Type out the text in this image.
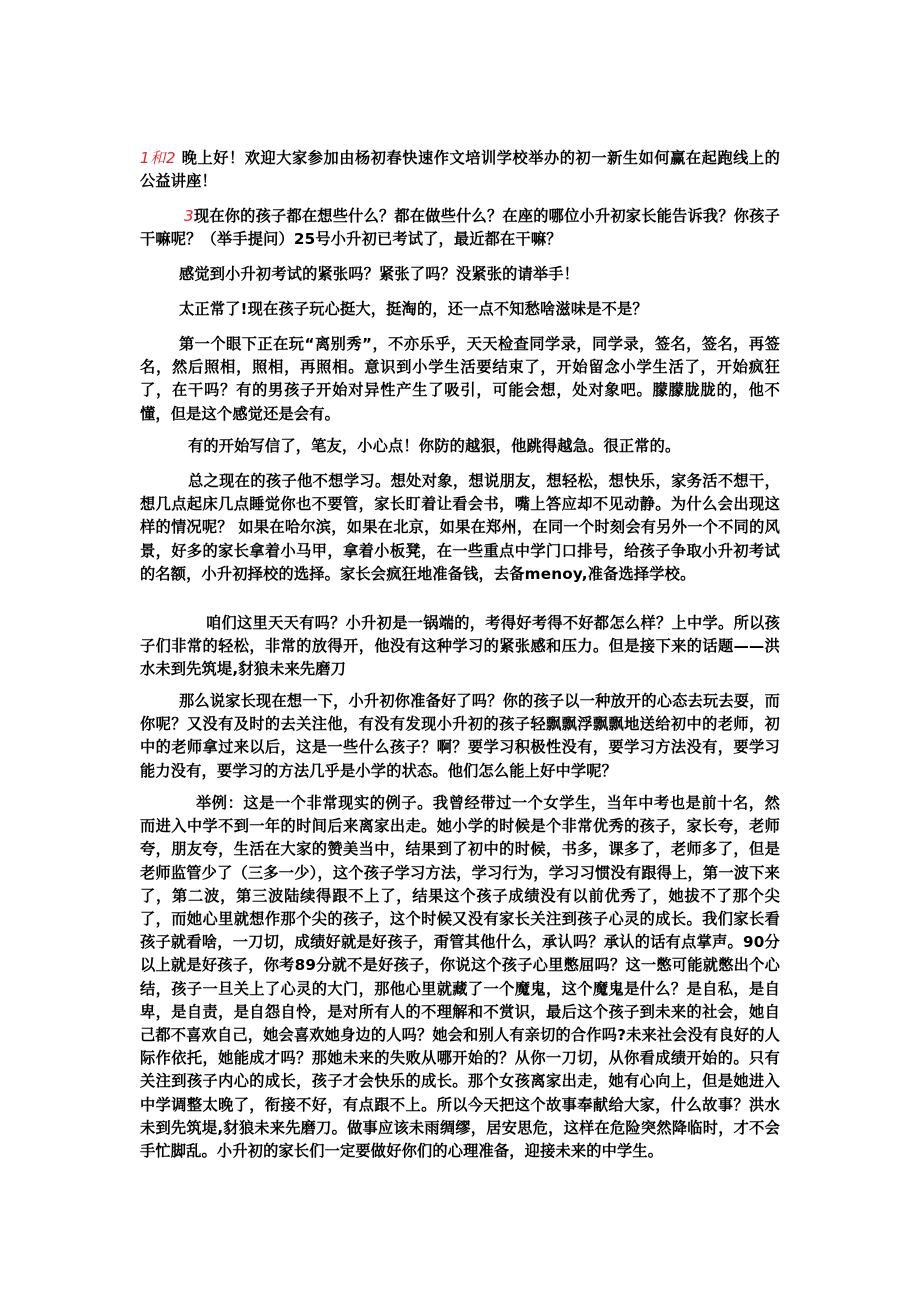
1和2 晚上好！欢迎大家参加由杨初春快速作文培训学校举办的初一新生如何赢在起跑线上的公益讲座！

3现在你的孩子都在想些什么？都在做些什么？在座的哪位小升初家长能告诉我？你孩子干嘛呢？（举手提问）25号小升初已考试了，最近都在干嘛？

感觉到小升初考试的紧张吗？紧张了吗？没紧张的请举手！

太正常了!现在孩子玩心挺大，挺淘的，还一点不知愁啥滋味是不是？

第一个眼下正在玩“离别秀”，不亦乐乎，天天检查同学录，同学录，签名，签名，再签名，然后照相，照相，再照相。意识到小学生活要结束了，开始留念小学生活了，开始疯狂了，在干吗？有的男孩子开始对异性产生了吸引，可能会想，处对象吧。朦朦胧胧的，他不懂，但是这个感觉还是会有。

有的开始写信了，笔友，小心点！你防的越狠，他跳得越急。很正常的。

总之现在的孩子他不想学习。想处对象，想说朋友，想轻松，想快乐，家务活不想干，想几点起床几点睡觉你也不要管，家长盯着让看会书，嘴上答应却不见动静。为什么会出现这样的情况呢？ 如果在哈尔滨，如果在北京，如果在郑州，在同一个时刻会有另外一个不同的风景，好多的家长拿着小马甲，拿着小板凳，在一些重点中学门口排号，给孩子争取小升初考试的名额，小升初择校的选择。家长会疯狂地准备钱，去备menoy,准备选择学校。

咱们这里天天有吗？小升初是一锅端的，考得好考得不好都怎么样？上中学。所以孩子们非常的轻松，非常的放得开，他没有这种学习的紧张感和压力。但是接下来的话题——洪水未到先筑堤,豺狼未来先磨刀

那么说家长现在想一下，小升初你准备好了吗？你的孩子以一种放开的心态去玩去耍，而你呢？又没有及时的去关注他，有没有发现小升初的孩子轻飘飘浮飘飘地送给初中的老师，初中的老师拿过来以后，这是一些什么孩子？啊？要学习积极性没有，要学习方法没有，要学习能力没有，要学习的方法几乎是小学的状态。他们怎么能上好中学呢？

举例：这是一个非常现实的例子。我曾经带过一个女学生，当年中考也是前十名，然而进入中学不到一年的时间后来离家出走。她小学的时候是个非常优秀的孩子，家长夸，老师夸，朋友夸，生活在大家的赞美当中，结果到了初中的时候，书多，课多了，老师多了，但是老师监管少了（三多一少），这个孩子学习方法，学习行为，学习习惯没有跟得上，第一波下来了，第二波，第三波陆续得跟不上了，结果这个孩子成绩没有以前优秀了，她拔不了那个尖了，而她心里就想作那个尖的孩子，这个时候又没有家长关注到孩子心灵的成长。我们家长看孩子就看啥，一刀切，成绩好就是好孩子，甭管其他什么，承认吗？承认的话有点掌声。90分以上就是好孩子，你考89分就不是好孩子，你说这个孩子心里憋屈吗？这一憋可能就憋出个心结，孩子一旦关上了心灵的大门，那他心里就藏了一个魔鬼，这个魔鬼是什么？是自私，是自卑，是自责，是自怨自怜，是对所有人的不理解和不赏识，最后这个孩子到未来的社会，她自己都不喜欢自己，她会喜欢她身边的人吗？她会和别人有亲切的合作吗?未来社会没有良好的人际作依托，她能成才吗？那她未来的失败从哪开始的？从你一刀切，从你看成绩开始的。只有关注到孩子内心的成长，孩子才会快乐的成长。那个女孩离家出走，她有心向上，但是她进入中学调整太晚了，衔接不好，有点跟不上。所以今天把这个故事奉献给大家，什么故事？洪水未到先筑堤,豺狼未来先磨刀。做事应该未雨绸缪，居安思危，这样在危险突然降临时，才不会手忙脚乱。小升初的家长们一定要做好你们的心理准备，迎接未来的中学生。
